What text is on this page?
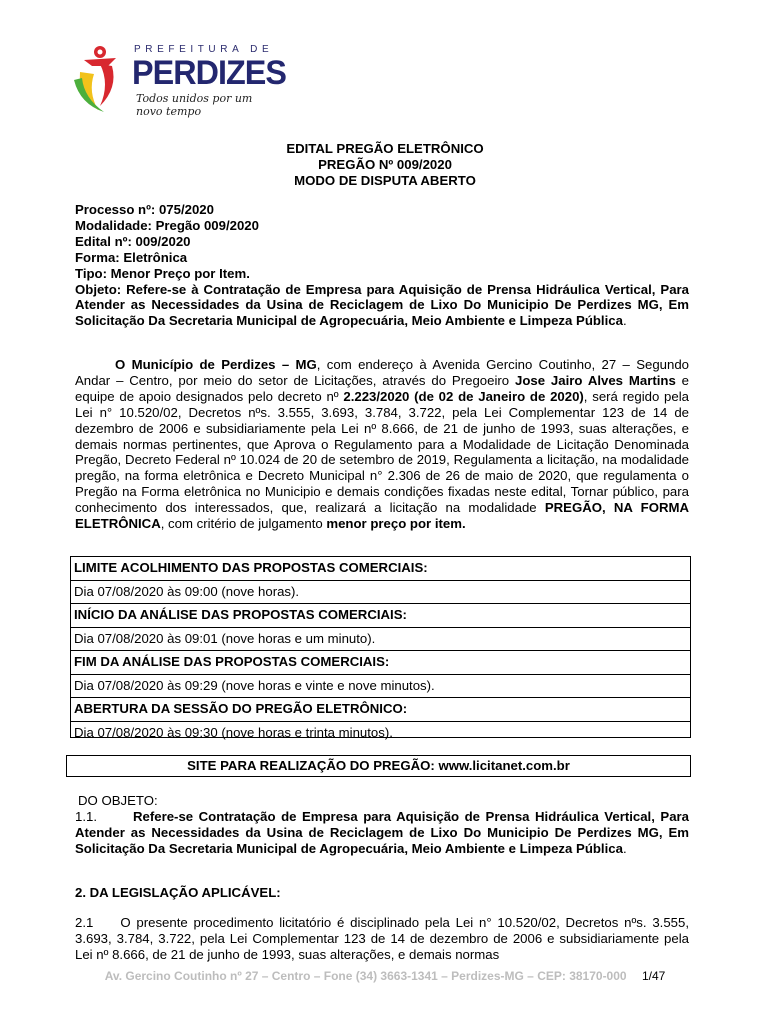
PREFEITURA DE
PERDIZES
Todos unidos por um novo tempo
EDITAL PREGÃO ELETRÔNICO
PREGÃO Nº 009/2020
MODO DE DISPUTA ABERTO
Processo nº: 075/2020
Modalidade: Pregão 009/2020
Edital nº: 009/2020
Forma: Eletrônica
Tipo: Menor Preço por Item.
Objeto: Refere-se à Contratação de Empresa para Aquisição de Prensa Hidráulica Vertical, Para Atender as Necessidades da Usina de Reciclagem de Lixo Do Municipio De Perdizes MG, Em Solicitação Da Secretaria Municipal de Agropecuária, Meio Ambiente e Limpeza Pública.
O Município de Perdizes – MG, com endereço à Avenida Gercino Coutinho, 27 – Segundo Andar – Centro, por meio do setor de Licitações, através do Pregoeiro Jose Jairo Alves Martins e equipe de apoio designados pelo decreto nº 2.223/2020 (de 02 de Janeiro de 2020), será regido pela Lei n° 10.520/02, Decretos nºs. 3.555, 3.693, 3.784, 3.722, pela Lei Complementar 123 de 14 de dezembro de 2006 e subsidiariamente pela Lei nº 8.666, de 21 de junho de 1993, suas alterações, e demais normas pertinentes, que Aprova o Regulamento para a Modalidade de Licitação Denominada Pregão, Decreto Federal nº 10.024 de 20 de setembro de 2019, Regulamenta a licitação, na modalidade pregão, na forma eletrônica e Decreto Municipal n° 2.306 de 26 de maio de 2020, que regulamenta o Pregão na Forma eletrônica no Municipio e demais condições fixadas neste edital, Tornar público, para conhecimento dos interessados, que, realizará a licitação na modalidade PREGÃO, NA FORMA ELETRÔNICA, com critério de julgamento menor preço por item.
LIMITE ACOLHIMENTO DAS PROPOSTAS COMERCIAIS:
Dia 07/08/2020 às 09:00 (nove horas).
INÍCIO DA ANÁLISE DAS PROPOSTAS COMERCIAIS:
Dia 07/08/2020 às 09:01 (nove horas e um minuto).
FIM DA ANÁLISE DAS PROPOSTAS COMERCIAIS:
Dia 07/08/2020 às 09:29 (nove horas e vinte e nove minutos).
ABERTURA DA SESSÃO DO PREGÃO ELETRÔNICO:
Dia 07/08/2020 às 09:30 (nove horas e trinta minutos).
SITE PARA REALIZAÇÃO DO PREGÃO: www.licitanet.com.br
DO OBJETO:
1.1.	Refere-se Contratação de Empresa para Aquisição de Prensa Hidráulica Vertical, Para Atender as Necessidades da Usina de Reciclagem de Lixo Do Municipio De Perdizes MG, Em Solicitação Da Secretaria Municipal de Agropecuária, Meio Ambiente e Limpeza Pública.
2. DA LEGISLAÇÃO APLICÁVEL:
2.1 O presente procedimento licitatório é disciplinado pela Lei n° 10.520/02, Decretos nºs. 3.555, 3.693, 3.784, 3.722, pela Lei Complementar 123 de 14 de dezembro de 2006 e subsidiariamente pela Lei nº 8.666, de 21 de junho de 1993, suas alterações, e demais normas
Av. Gercino Coutinho nº 27 – Centro – Fone (34) 3663-1341 – Perdizes-MG – CEP: 38170-000 1/47
